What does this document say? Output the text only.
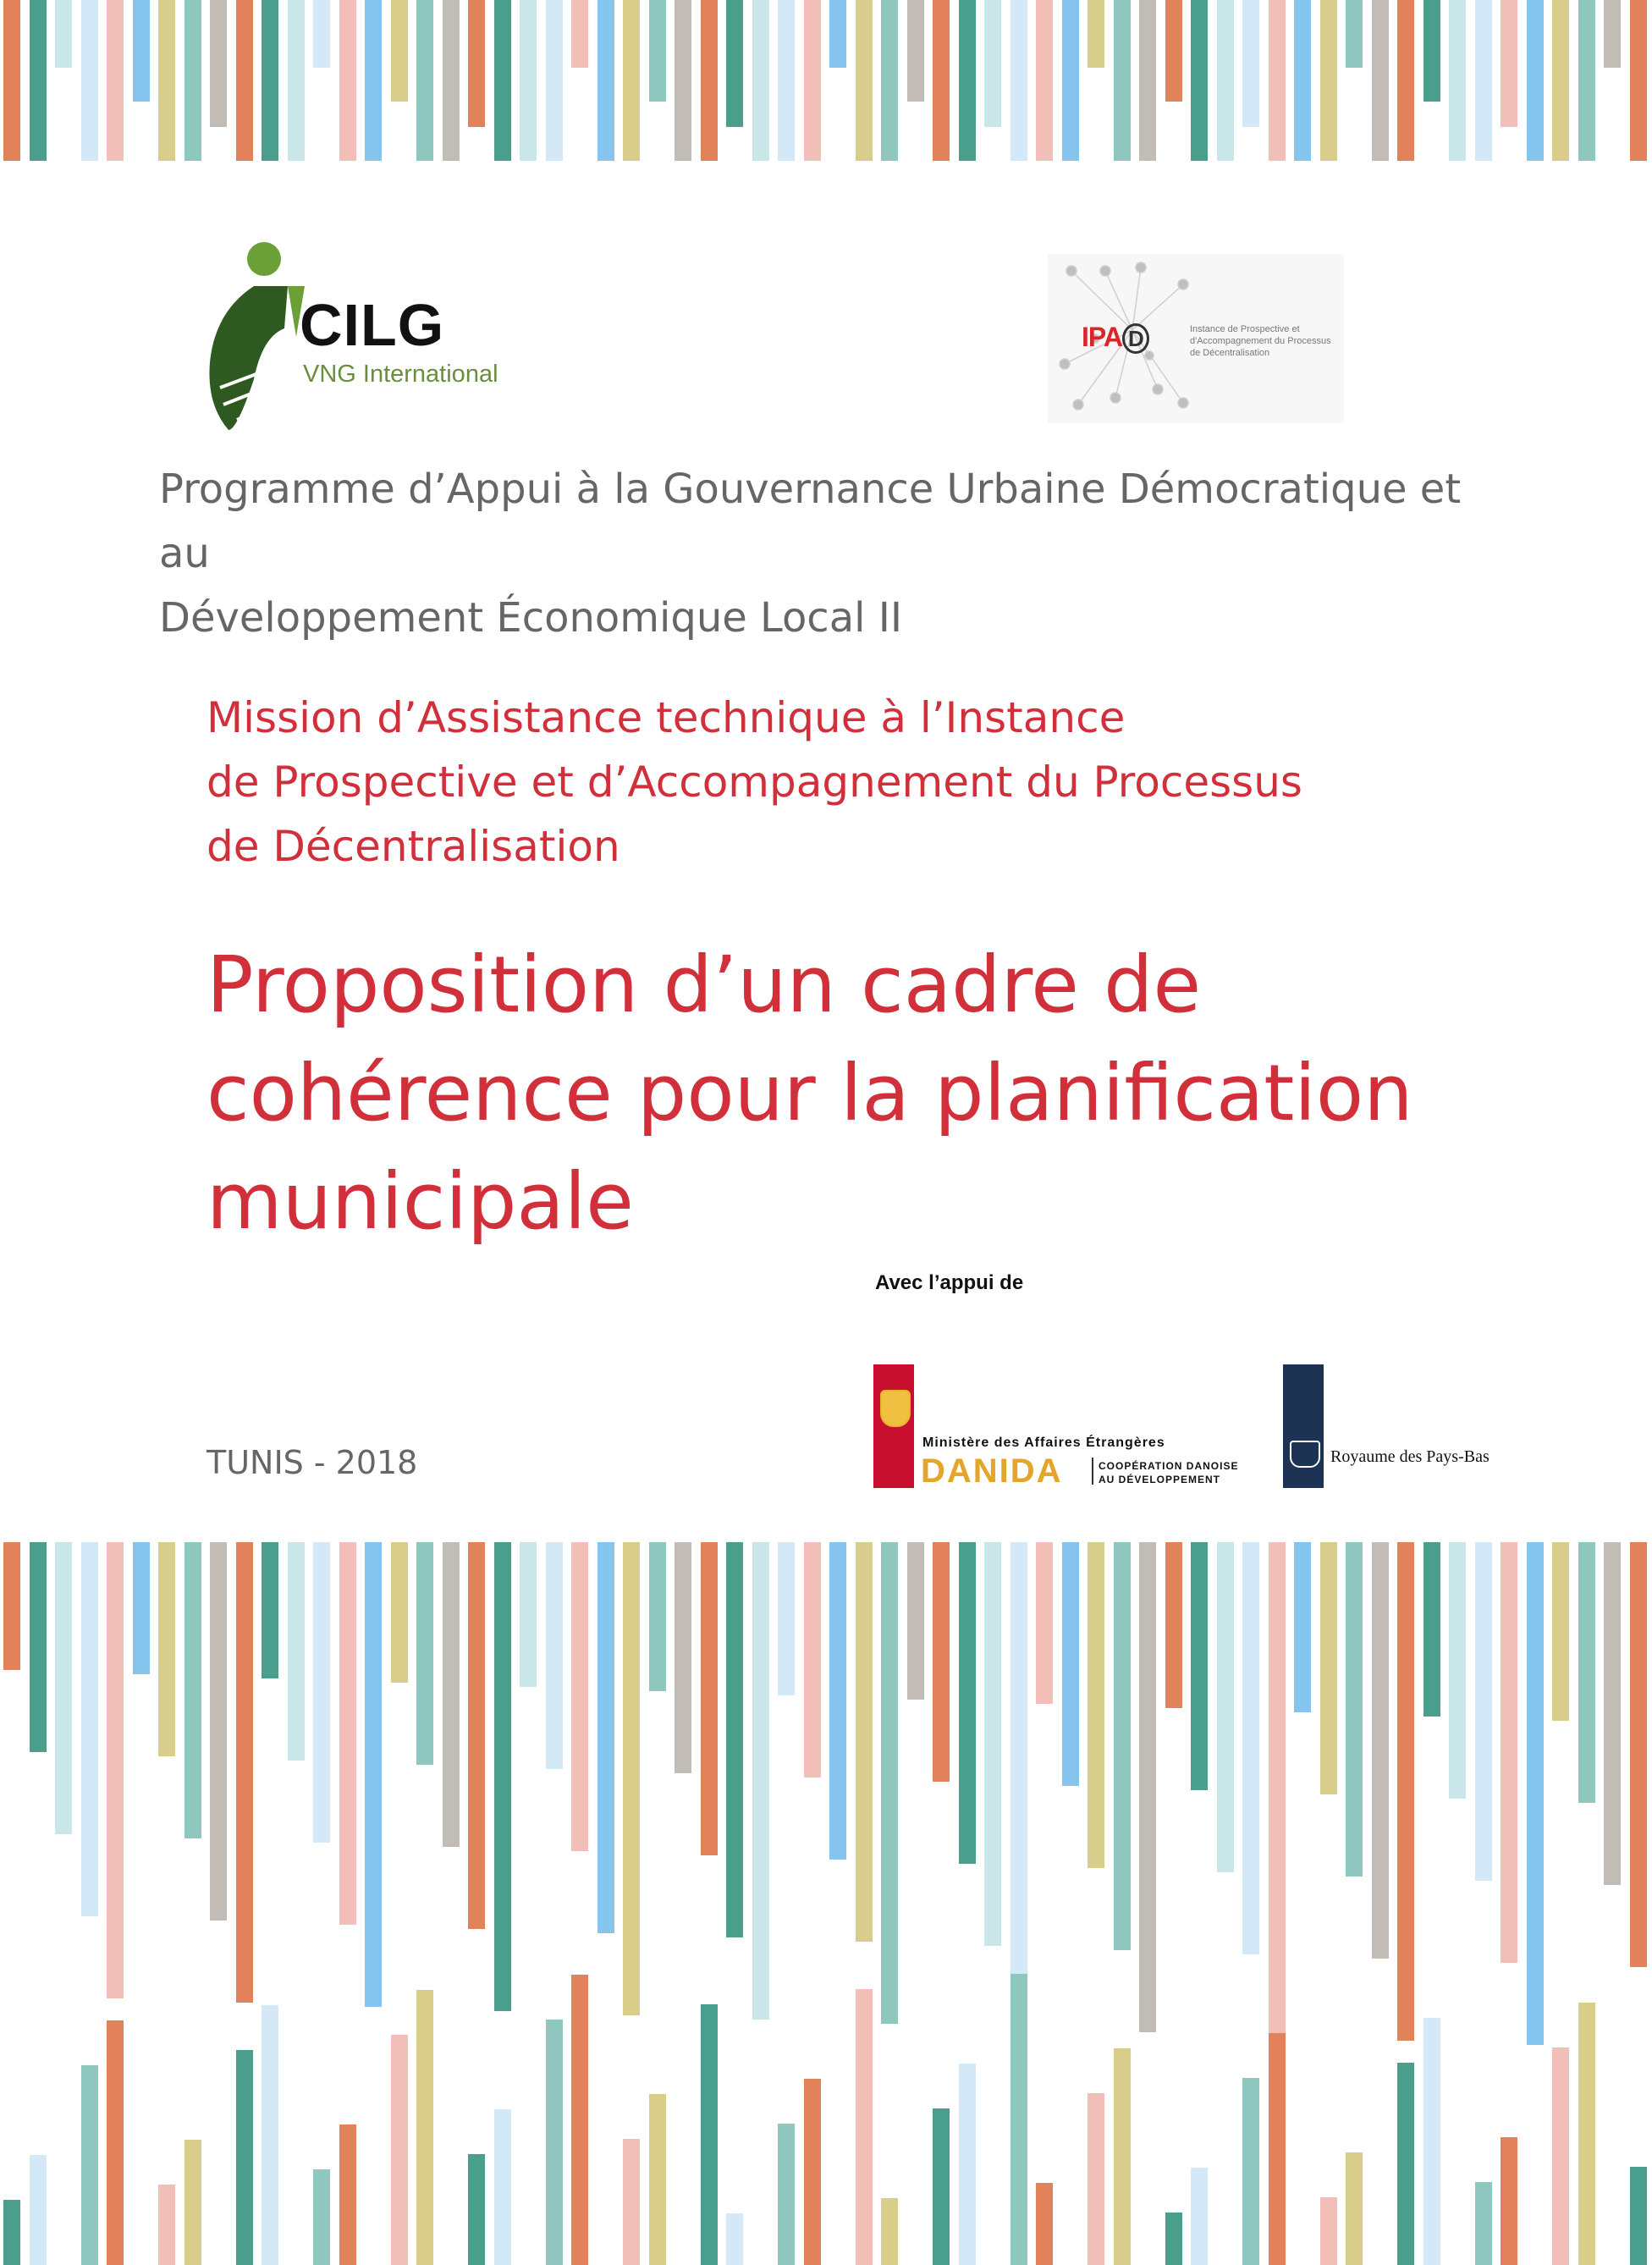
CILG
VNG International
IPA D	Instance de Prospective et d'Accompagnement du Processus de Décentralisation
Programme d’Appui à la Gouvernance Urbaine Démocratique et au
Développement Économique Local II

Mission d’Assistance technique à l’Instance
de Prospective et d’Accompagnement du Processus
de Décentralisation

Proposition d’un cadre de
cohérence pour la planification
municipale
Avec l’appui de
TUNIS - 2018
Ministère des Affaires Étrangères
DANIDA	COOPÉRATION DANOISE
AU DÉVELOPPEMENT
Royaume des Pays-Bas
